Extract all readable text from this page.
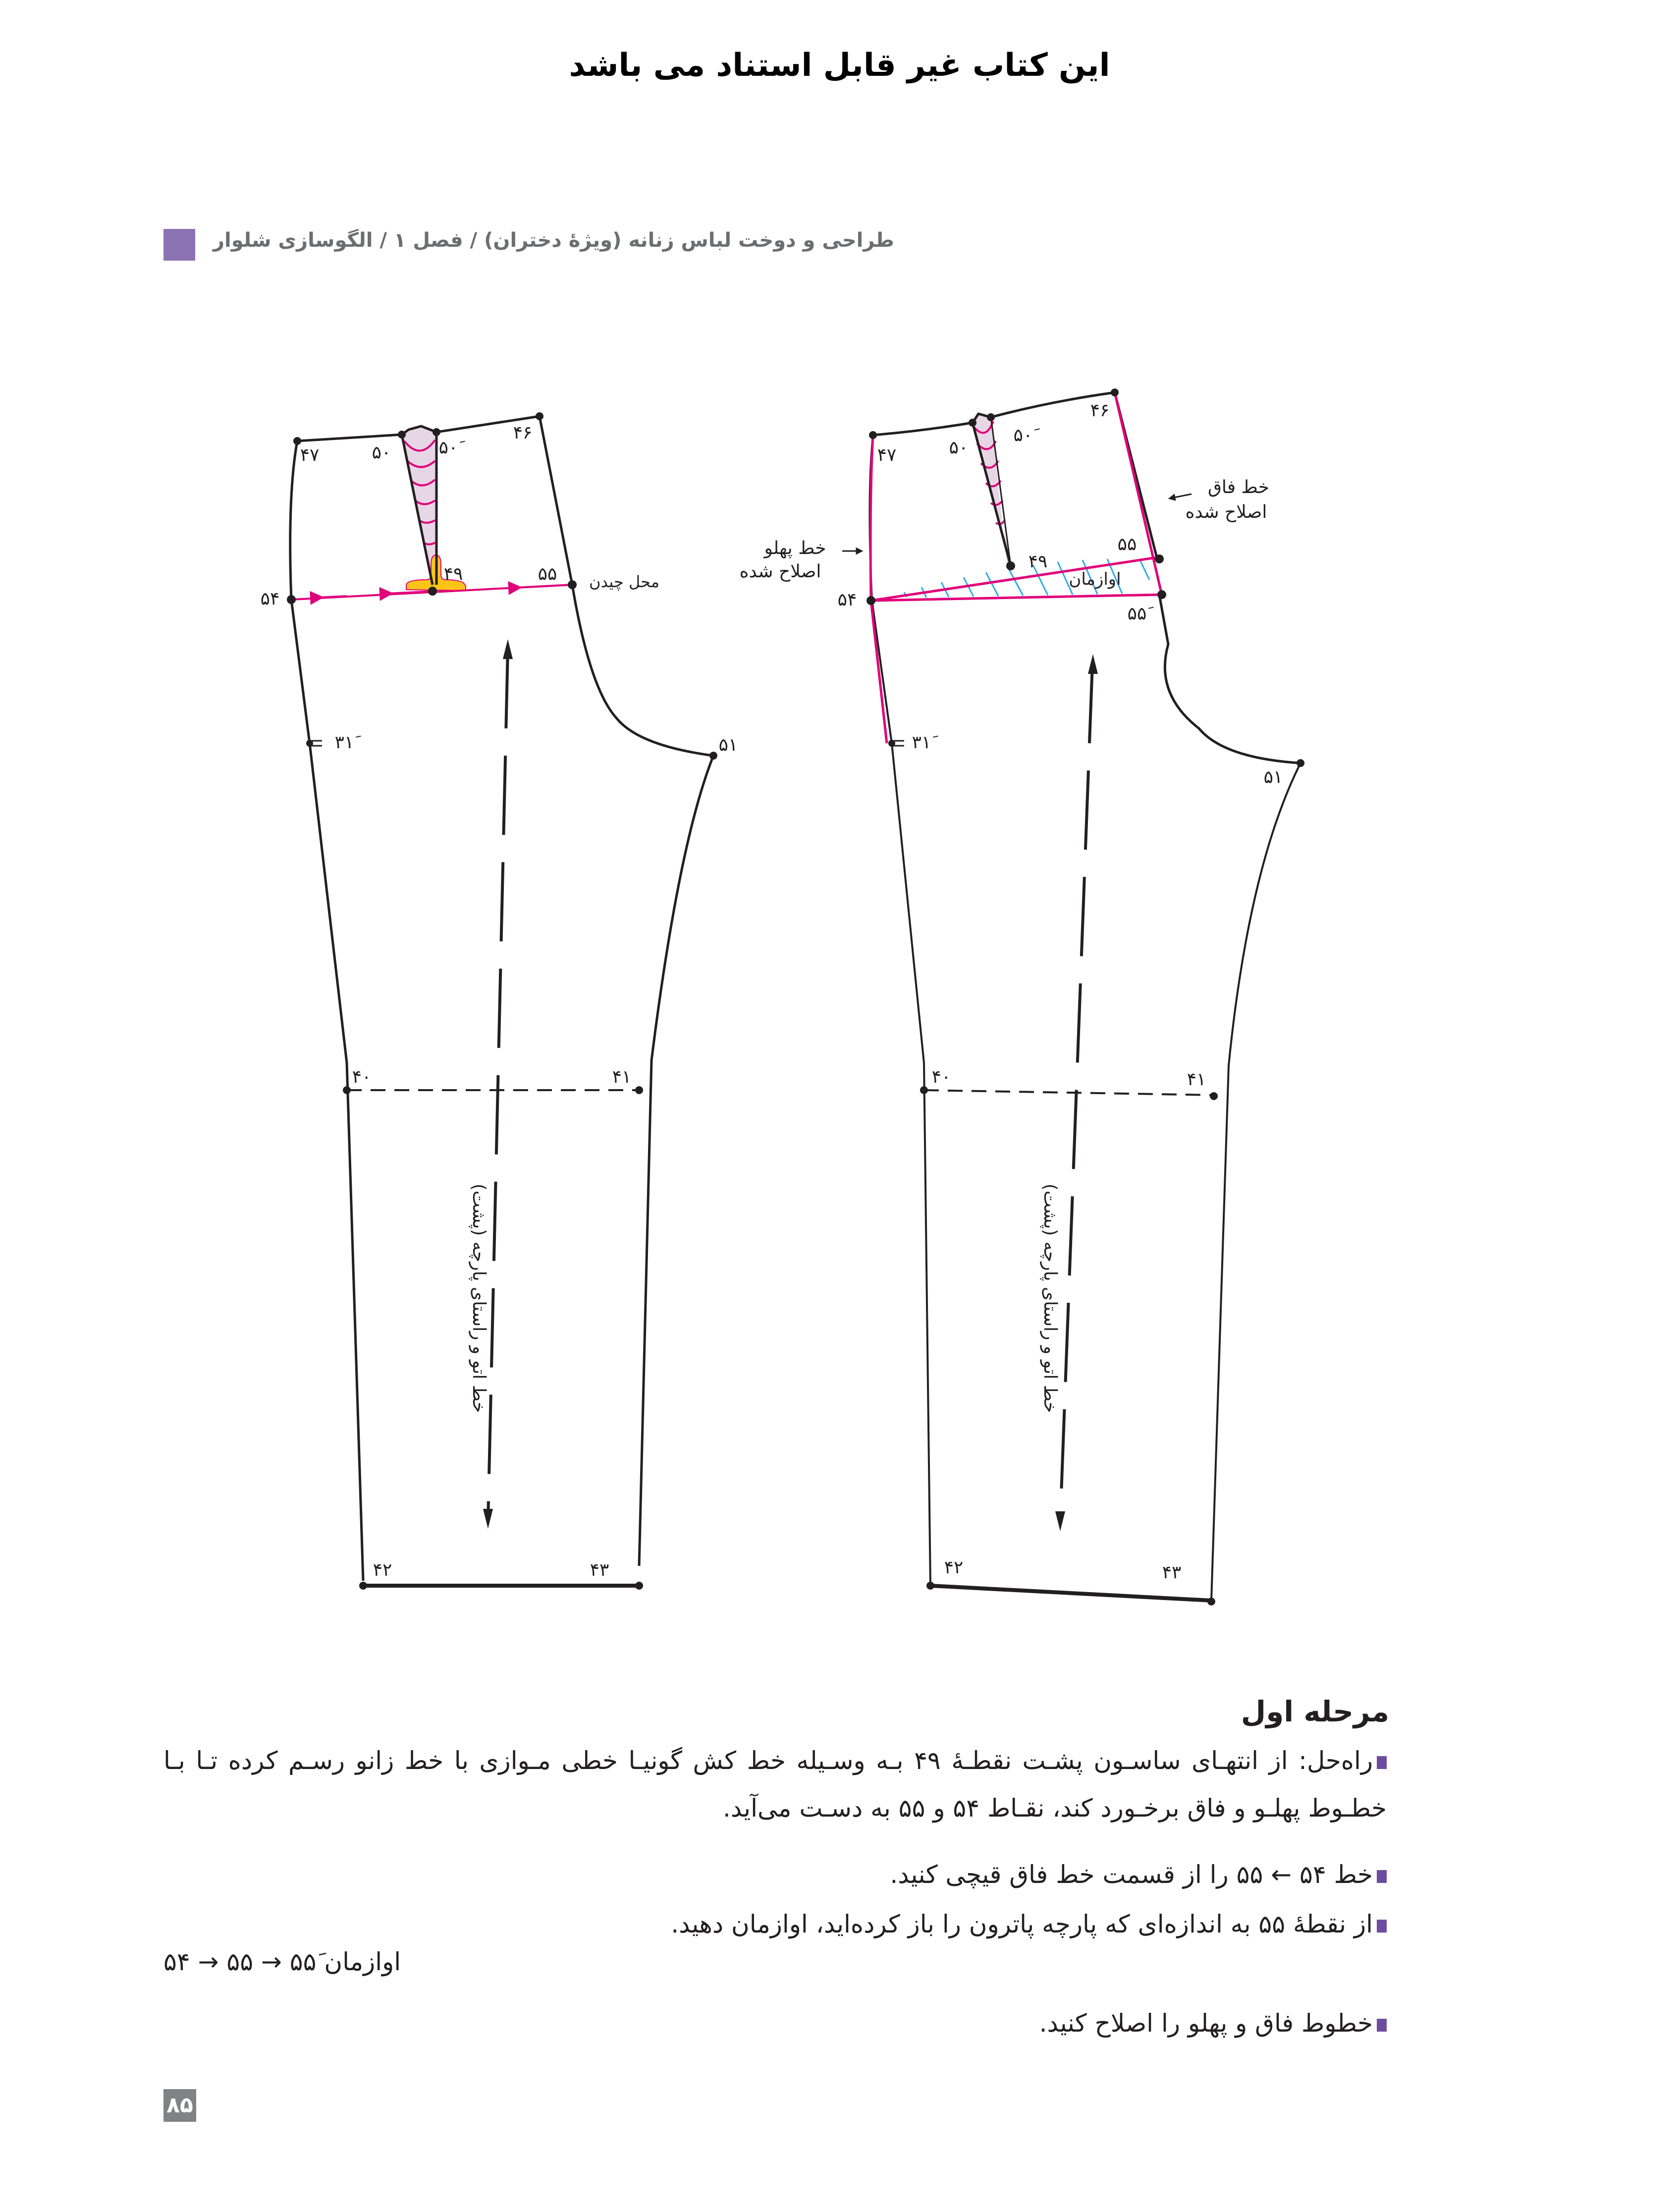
این کتاب غیر قابل استناد می باشد
طراحی و دوخت لباس زنانه (ویژهٔ دختران) / فصل ۱ / الگوسازی شلوار
۴۷	۵۰	۵۰َ
۴۶
۴۹	۵۵
۵۴
۳۱َ	۵۱
۴۰	۴۱
۴۲	۴۳
محل چیدن
خط اتو و راستای پارچه (پشت)
۴۷	۵۰
۵۰َ
۴۶
۴۹
۵۵
۵۵َ
۵۴
۳۱َ
۵۱
۴۰	۴۱
۴۲	۴۳
اوازمان
خط پهلو
اصلاح شده
خط فاق
اصلاح شده
خط اتو و راستای پارچه (پشت)
مرحله اول
راه‌حل: از انتهـای ساسـون پشـت نقطـهٔ ۴۹ بـه وسـیله خط کش گونیـا خطی مـوازی با خط زانو رسـم کرده تـا بـا خطـوط پهلـو و فاق برخـورد کند، نقـاط ۵۴ و ۵۵ به دسـت می‌آید.
خط ۵۴ ← ۵۵ را از قسمت خط فاق قیچی کنید.
از نقطهٔ ۵۵ به اندازه‌ای که پارچه پاترون را باز کرده‌اید، اوازمان دهید.
۵۴ → ۵۵ → ۵۵َ اوازمان
خطوط فاق و پهلو را اصلاح کنید.
۸۵
